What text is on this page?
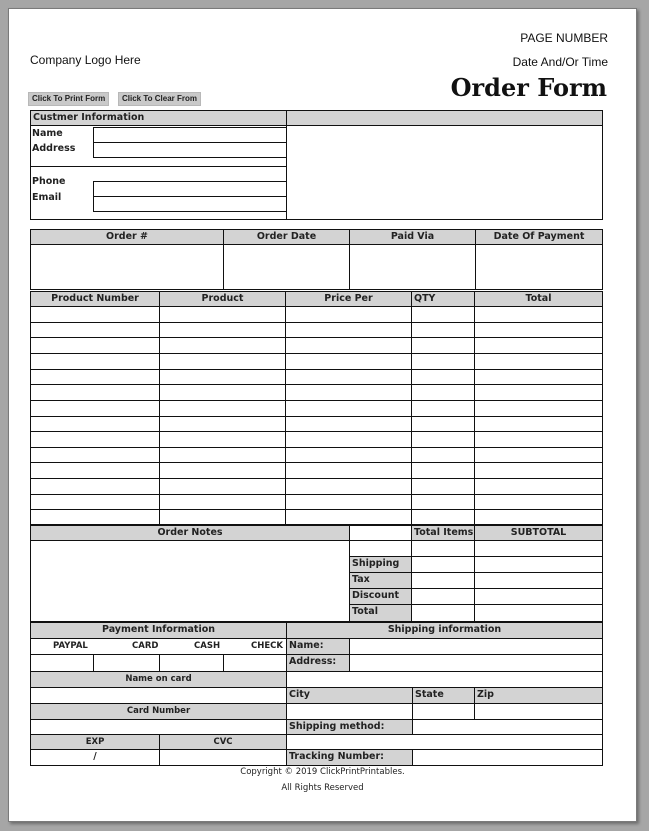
PAGE NUMBER
Date And/Or Time
Company Logo Here
Order Form
Click To Print Form	Click To Clear From
Custmer Information
Name
Address
Phone
Email
Order #	Order Date	Paid Via	Date Of Payment
Product Number	Product	Price Per	QTY	Total
Order Notes	Total Items	SUBTOTAL
Shipping
Tax
Discount
Total
Payment Information
PAYPAL	CARD	CASH	CHECK
Name on card
Card Number
EXP	CVC
/
Shipping information
Name:
Address:
City	State	Zip
Shipping method:
Tracking Number:
Copyright © 2019 ClickPrintPrintables.
All Rights Reserved
